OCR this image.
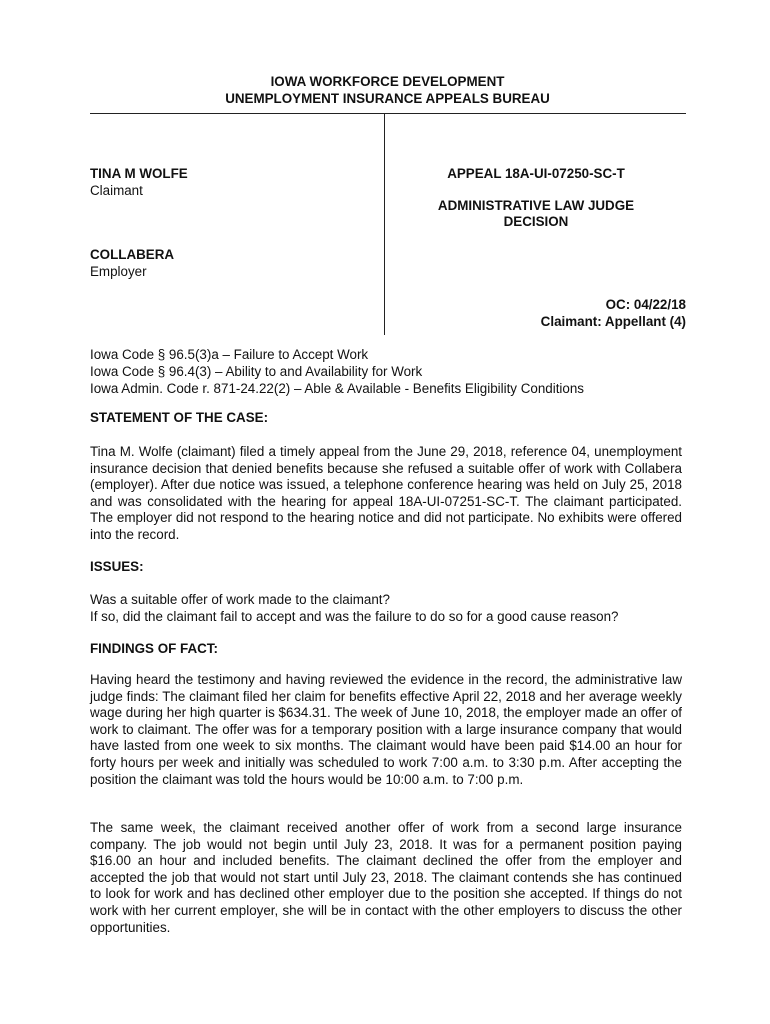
IOWA WORKFORCE DEVELOPMENT
UNEMPLOYMENT INSURANCE APPEALS BUREAU
TINA M WOLFE
Claimant
COLLABERA
Employer
APPEAL 18A-UI-07250-SC-T
ADMINISTRATIVE LAW JUDGE
DECISION
OC: 04/22/18
Claimant: Appellant (4)
Iowa Code § 96.5(3)a – Failure to Accept Work
Iowa Code § 96.4(3) – Ability to and Availability for Work
Iowa Admin. Code r. 871-24.22(2) – Able & Available - Benefits Eligibility Conditions
STATEMENT OF THE CASE:
Tina M. Wolfe (claimant) filed a timely appeal from the June 29, 2018, reference 04, unemployment insurance decision that denied benefits because she refused a suitable offer of work with Collabera (employer). After due notice was issued, a telephone conference hearing was held on July 25, 2018 and was consolidated with the hearing for appeal 18A-UI-07251-SC-T. The claimant participated. The employer did not respond to the hearing notice and did not participate. No exhibits were offered into the record.
ISSUES:
Was a suitable offer of work made to the claimant?
If so, did the claimant fail to accept and was the failure to do so for a good cause reason?
FINDINGS OF FACT:
Having heard the testimony and having reviewed the evidence in the record, the administrative law judge finds: The claimant filed her claim for benefits effective April 22, 2018 and her average weekly wage during her high quarter is $634.31. The week of June 10, 2018, the employer made an offer of work to claimant. The offer was for a temporary position with a large insurance company that would have lasted from one week to six months. The claimant would have been paid $14.00 an hour for forty hours per week and initially was scheduled to work 7:00 a.m. to 3:30 p.m. After accepting the position the claimant was told the hours would be 10:00 a.m. to 7:00 p.m.
The same week, the claimant received another offer of work from a second large insurance company. The job would not begin until July 23, 2018. It was for a permanent position paying $16.00 an hour and included benefits. The claimant declined the offer from the employer and accepted the job that would not start until July 23, 2018. The claimant contends she has continued to look for work and has declined other employer due to the position she accepted. If things do not work with her current employer, she will be in contact with the other employers to discuss the other opportunities.
